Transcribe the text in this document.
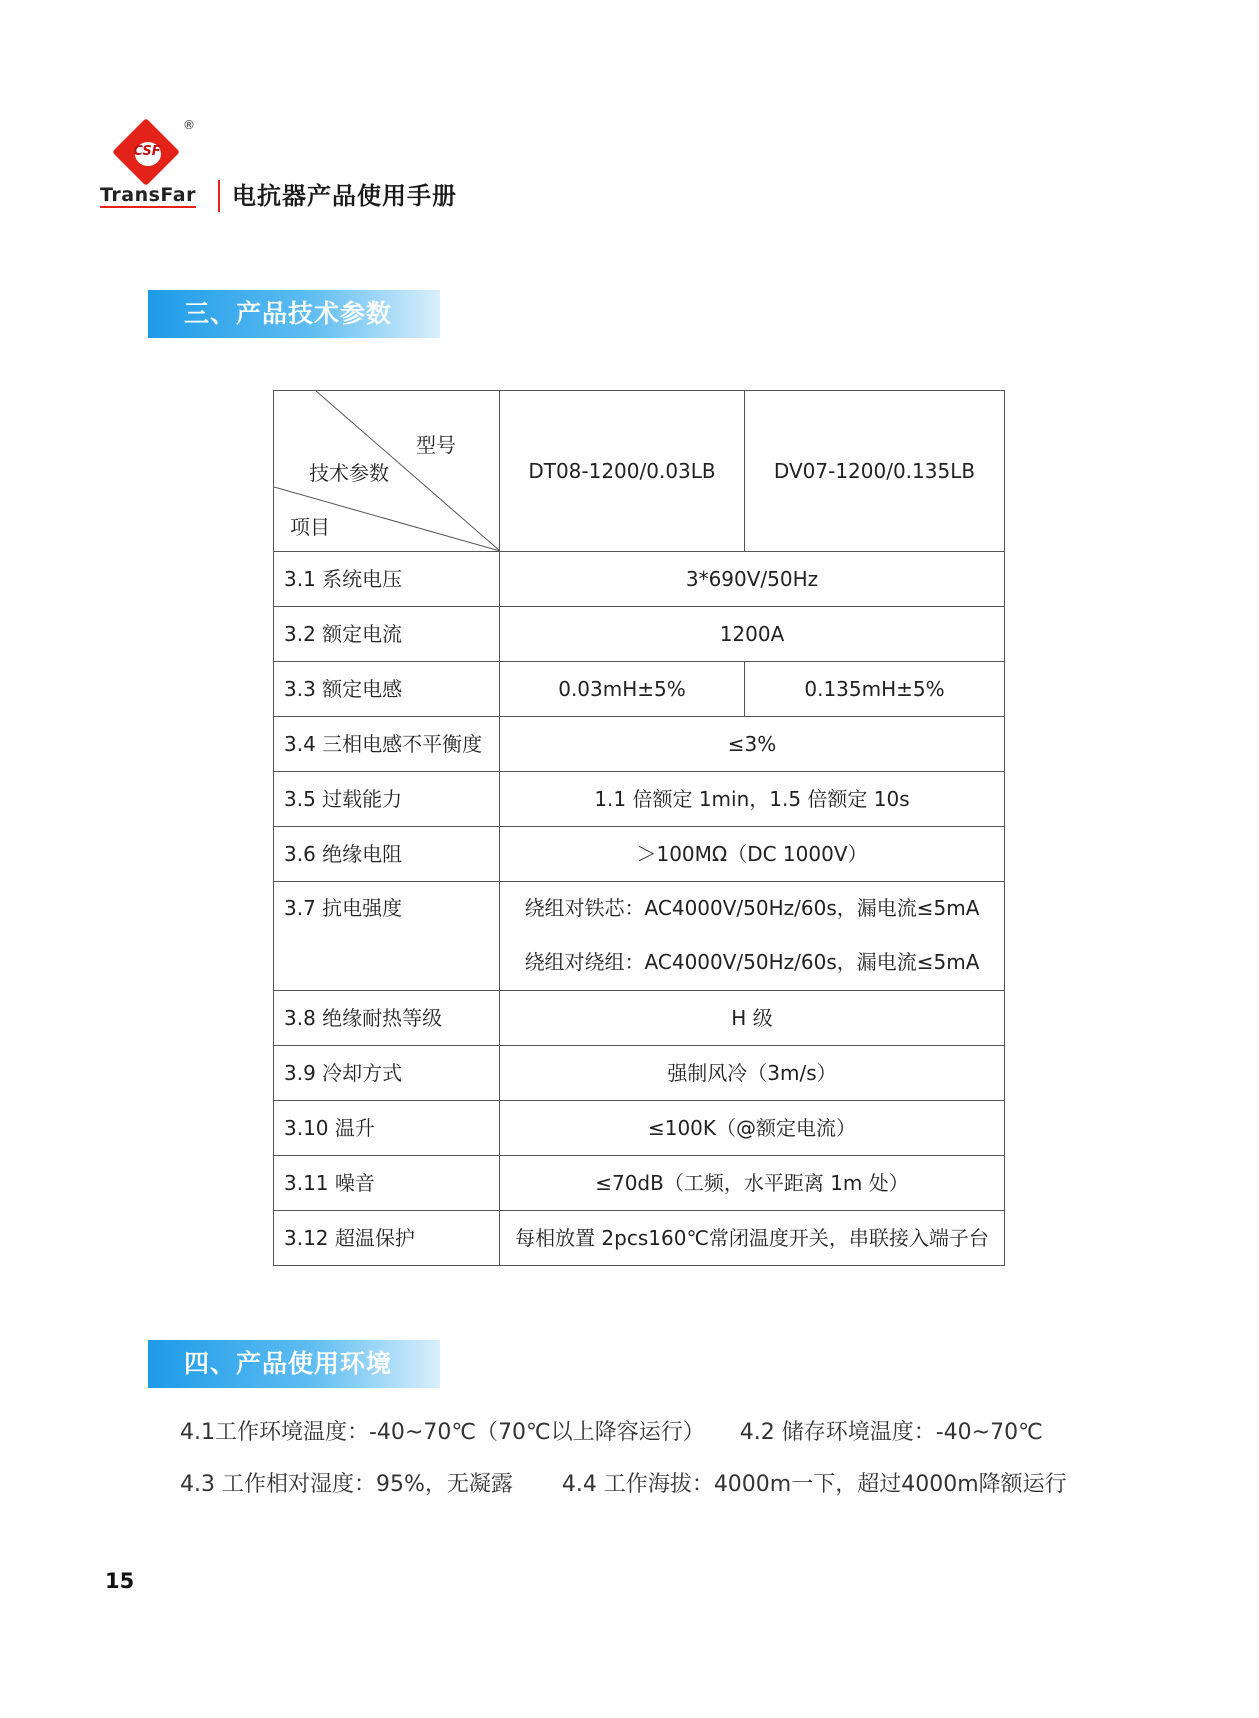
CSF
®
TransFar 电抗器产品使用手册
三、产品技术参数
型号
技术参数
项目	DT08-1200/0.03LB	DV07-1200/0.135LB
3.1 系统电压	3*690V/50Hz	
3.2 额定电流	1200A	
3.3 额定电感	0.03mH±5%	0.135mH±5%
3.4 三相电感不平衡度	≤3%	
3.5 过载能力	1.1 倍额定 1min，1.5 倍额定 10s	
3.6 绝缘电阻	＞100MΩ（DC 1000V）	

3.7 抗电强度	绕组对铁芯：AC4000V/50Hz/60s，漏电流≤5mA
绕组对绕组：AC4000V/50Hz/60s，漏电流≤5mA	

3.8 绝缘耐热等级	H 级	
3.9 冷却方式	强制风冷（3m/s）	
3.10 温升	≤100K（@额定电流）	
3.11 噪音	≤70dB（工频，水平距离 1m 处）	
3.12 超温保护	每相放置 2pcs160℃常闭温度开关，串联接入端子台	
四、产品使用环境
4.1工作环境温度：-40~70℃（70℃以上降容运行）     4.2 储存环境温度：-40~70℃
4.3 工作相对湿度：95%，无凝露       4.4 工作海拔：4000m一下，超过4000m降额运行
15
